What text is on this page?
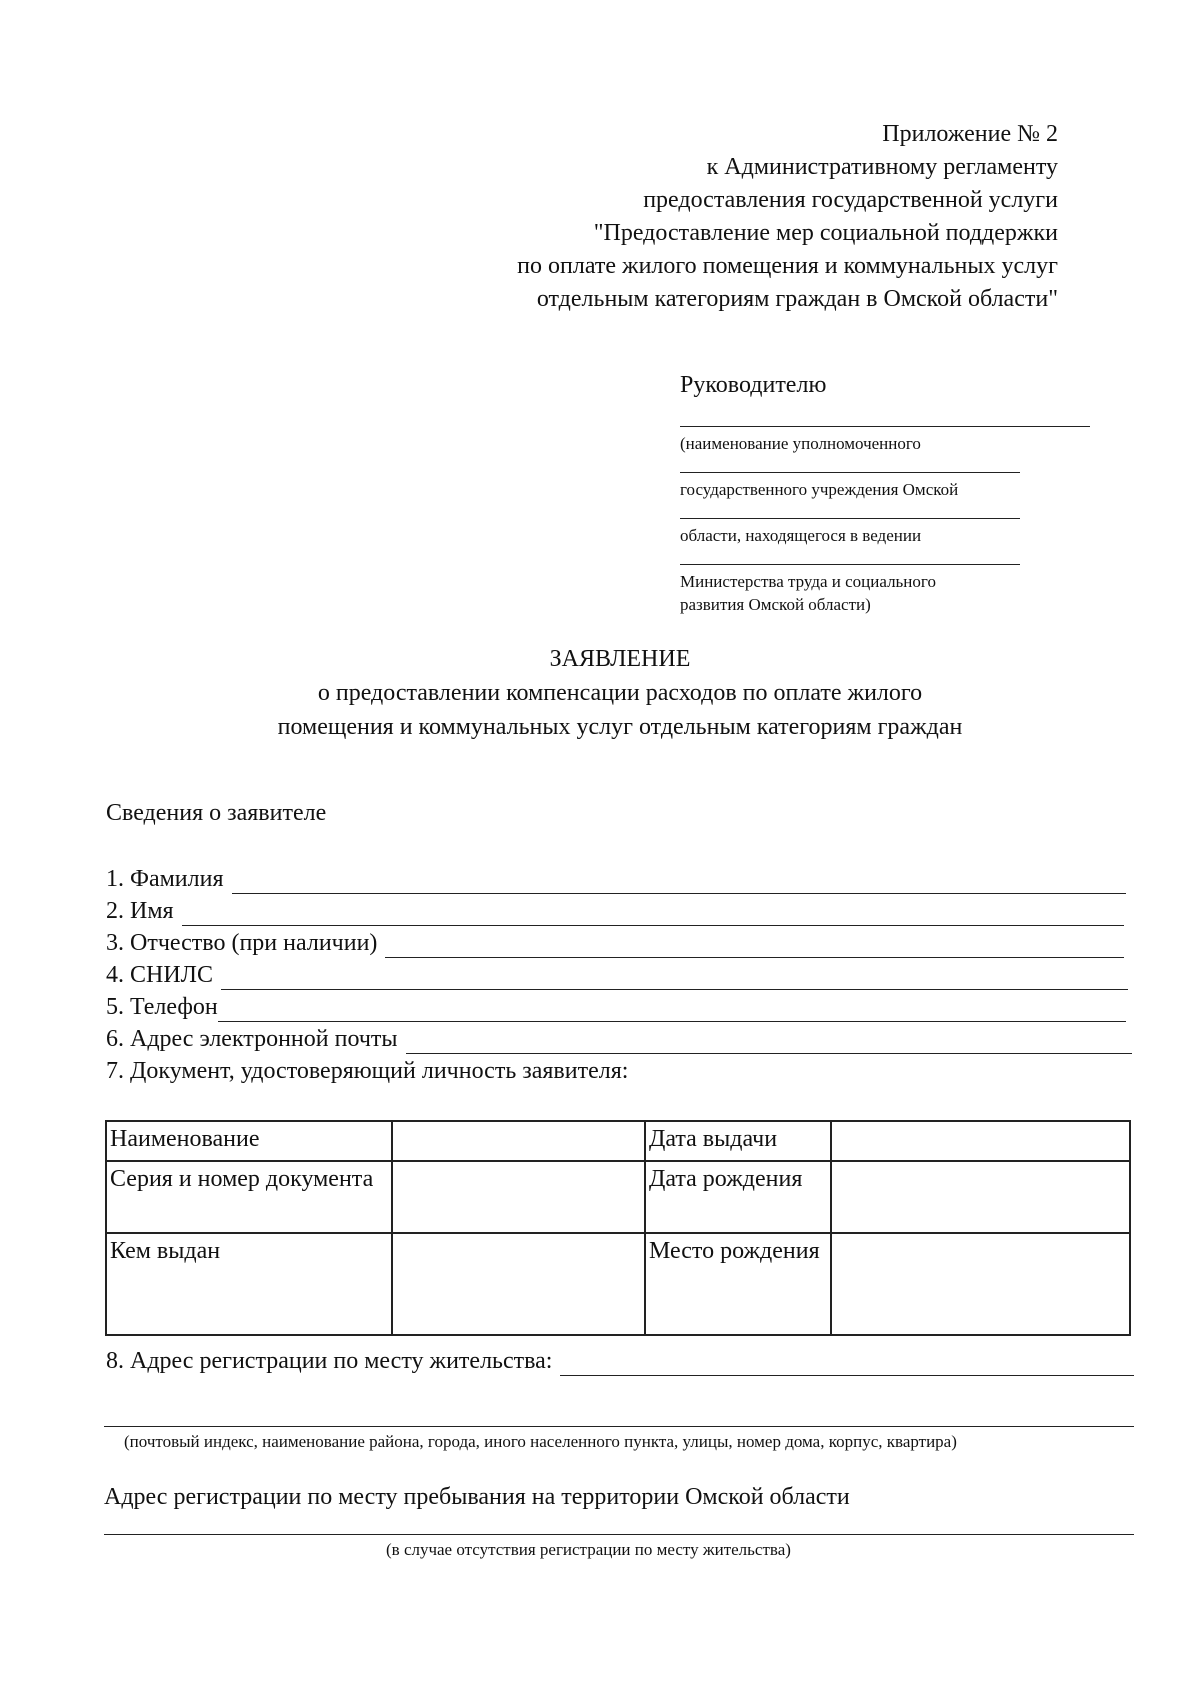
Приложение № 2
к Административному регламенту
предоставления государственной услуги
"Предоставление мер социальной поддержки
по оплате жилого помещения и коммунальных услуг
отдельным категориям граждан в Омской области"
Руководителю
(наименование уполномоченного
государственного учреждения Омской
области, находящегося в ведении
Министерства труда и социального
развития Омской области)
ЗАЯВЛЕНИЕ
о предоставлении компенсации расходов по оплате жилого
помещения и коммунальных услуг отдельным категориям граждан
Сведения о заявителе
1. Фамилия
2. Имя
3. Отчество (при наличии)
4. СНИЛС
5. Телефон
6. Адрес электронной почты
7. Документ, удостоверяющий личность заявителя:
Наименование		Дата выдачи	
Серия и номер документа		Дата рождения	
Кем выдан		Место рождения	
8. Адрес регистрации по месту жительства:
(почтовый индекс, наименование района, города, иного населенного пункта, улицы, номер дома, корпус, квартира)
Адрес регистрации по месту пребывания на территории Омской области
(в случае отсутствия регистрации по месту жительства)
